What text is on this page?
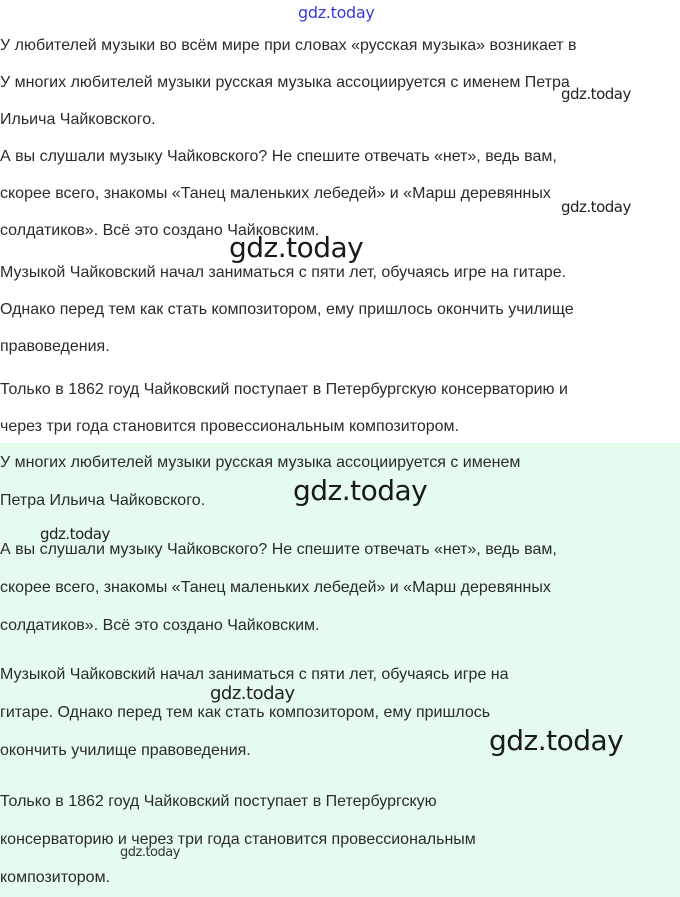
gdz.today

У любителей музыки во всём мире при словах «русская музыка» возникает в
У многих любителей музыки русская музыка ассоциируется с именем Петра
Ильича Чайковского.

А вы слушали музыку Чайковского? Не спешите отвечать «нет», ведь вам,
скорее всего, знакомы «Танец маленьких лебедей» и «Марш деревянных
солдатиков». Всё это создано Чайковским.

Музыкой Чайковский начал заниматься с пяти лет, обучаясь игре на гитаре.
Однако перед тем как стать композитором, ему пришлось окончить училище
правоведения.

Только в 1862 гоуд Чайковский поступает в Петербургскую консерваторию и
через три года становится провессиональным композитором.

У многих любителей музыки русская музыка ассоциируется с именем
Петра Ильича Чайковского.

А вы слушали музыку Чайковского? Не спешите отвечать «нет», ведь вам,
скорее всего, знакомы «Танец маленьких лебедей» и «Марш деревянных
солдатиков». Всё это создано Чайковским.

Музыкой Чайковский начал заниматься с пяти лет, обучаясь игре на
гитаре. Однако перед тем как стать композитором, ему пришлось
окончить училище правоведения.

Только в 1862 гоуд Чайковский поступает в Петербургскую
консерваторию и через три года становится провессиональным
композитором.

gdz.today
gdz.today
gdz.today
gdz.today
gdz.today
gdz.today
gdz.today
gdz.today
